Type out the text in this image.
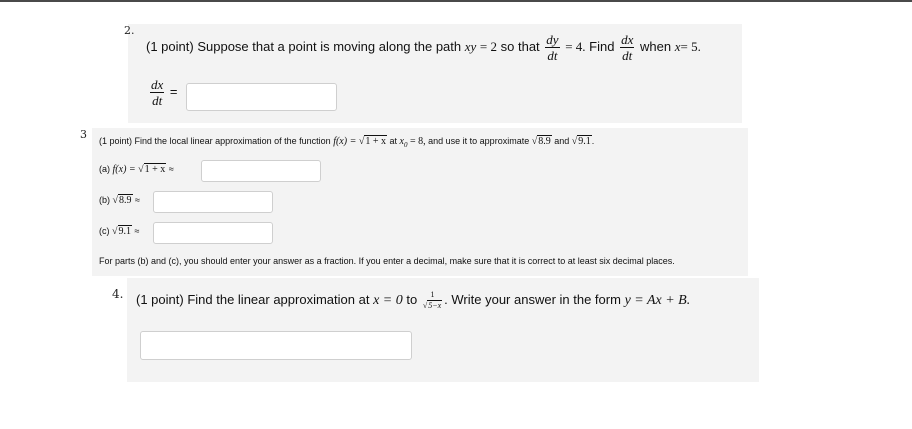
2.
(1 point) Suppose that a point is moving along the path xy = 2 so that $\frac{dy}{dt} = 4$. Find $\frac{dx}{dt}$ when x= 5.
$\frac{dx}{dt}$ =
3 (1 point) Find the local linear approximation of the function f(x) = √1 + x at $x_0 = 8$, and use it to approximate √8.9 and √9.1.
(a) f(x) = √1 + x ≈
(b) √8.9 ≈
(c) √9.1 ≈
For parts (b) and (c), you should enter your answer as a fraction. If you enter a decimal, make sure that it is correct to at least six decimal places.
4. (1 point) Find the linear approximation at x = 0 to $\frac{1}{√5-x}$ . Write your answer in the form y = Ax + B.
